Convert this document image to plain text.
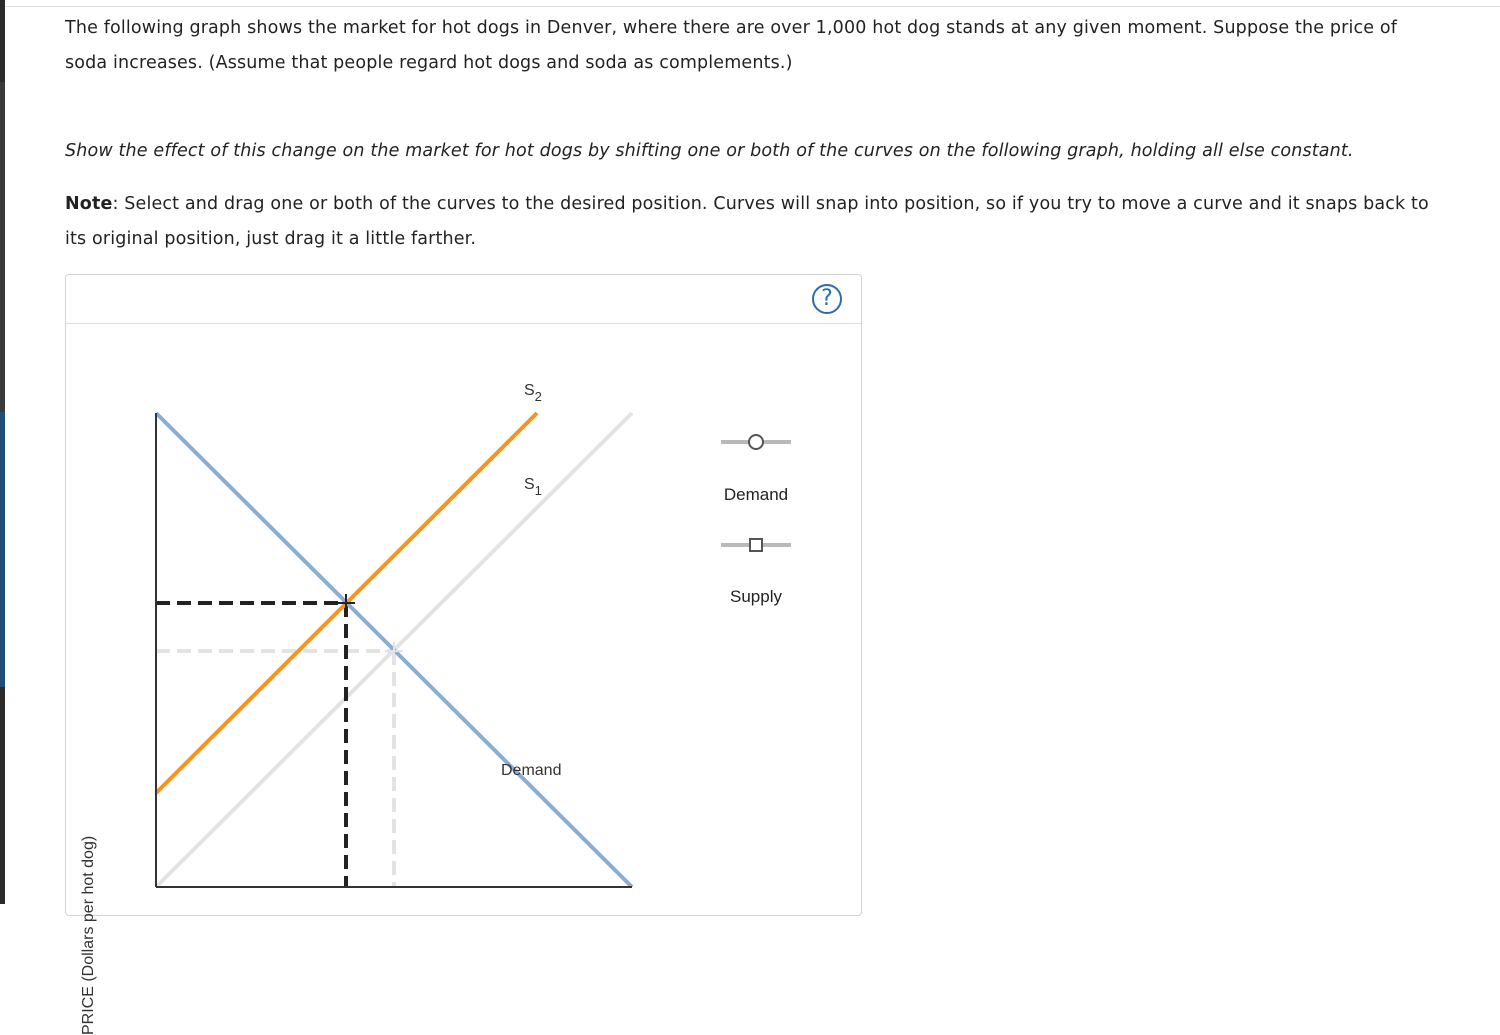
The following graph shows the market for hot dogs in Denver, where there are over 1,000 hot dog stands at any given moment. Suppose the price of soda increases. (Assume that people regard hot dogs and soda as complements.)
Show the effect of this change on the market for hot dogs by shifting one or both of the curves on the following graph, holding all else constant.
Note: Select and drag one or both of the curves to the desired position. Curves will snap into position, so if you try to move a curve and it snaps back to its original position, just drag it a little farther.
?
$S_2$
$S_1$
Demand
PRICE (Dollars per hot dog)
Demand
Supply
